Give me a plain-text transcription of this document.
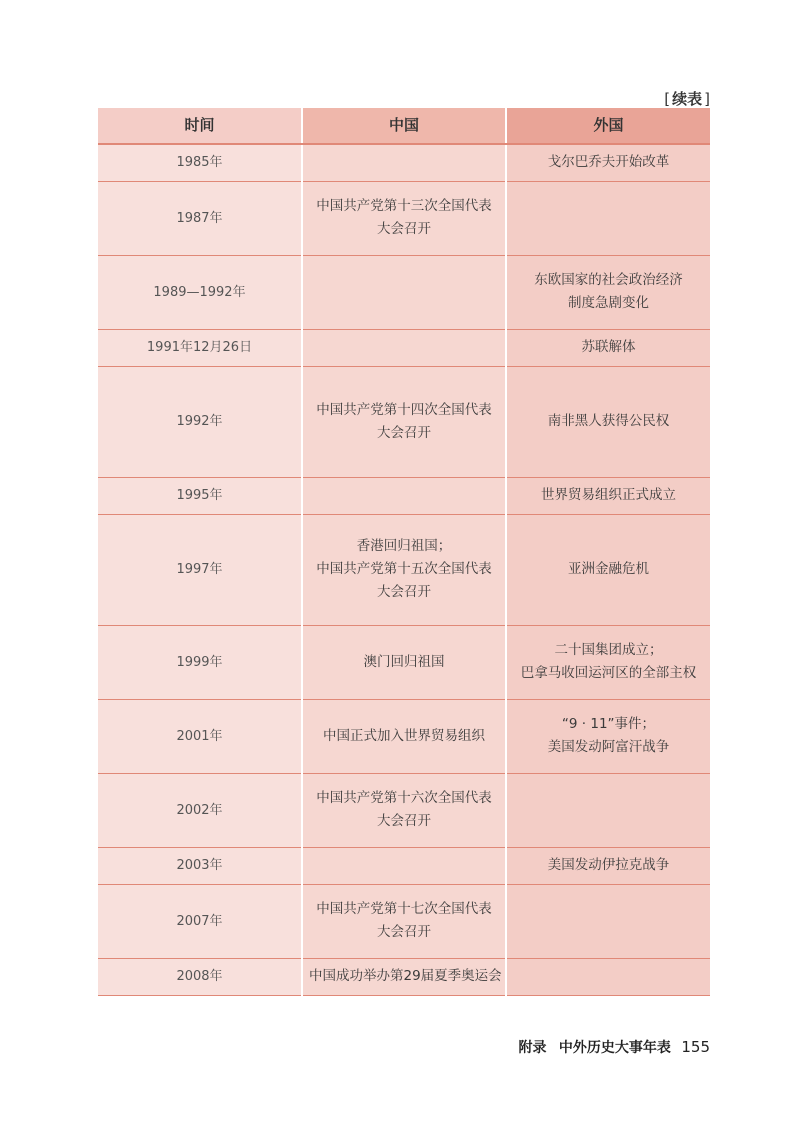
[ 续表 ]
时间	中国	外国
1985年		戈尔巴乔夫开始改革

1987年	中国共产党第十三次全国代表
大会召开	

1989—1992年		东欧国家的社会政治经济
制度急剧变化

1991年12月26日		苏联解体

1992年	中国共产党第十四次全国代表
大会召开	南非黑人获得公民权

1995年		世界贸易组织正式成立

1997年	香港回归祖国；
中国共产党第十五次全国代表
大会召开	亚洲金融危机

1999年	澳门回归祖国	二十国集团成立；
巴拿马收回运河区的全部主权

2001年	中国正式加入世界贸易组织	“9 · 11”事件；
美国发动阿富汗战争

2002年	中国共产党第十六次全国代表
大会召开	

2003年		美国发动伊拉克战争

2007年	中国共产党第十七次全国代表
大会召开	

2008年	中国成功举办第29届夏季奥运会	

附录 中外历史大事年表 155
